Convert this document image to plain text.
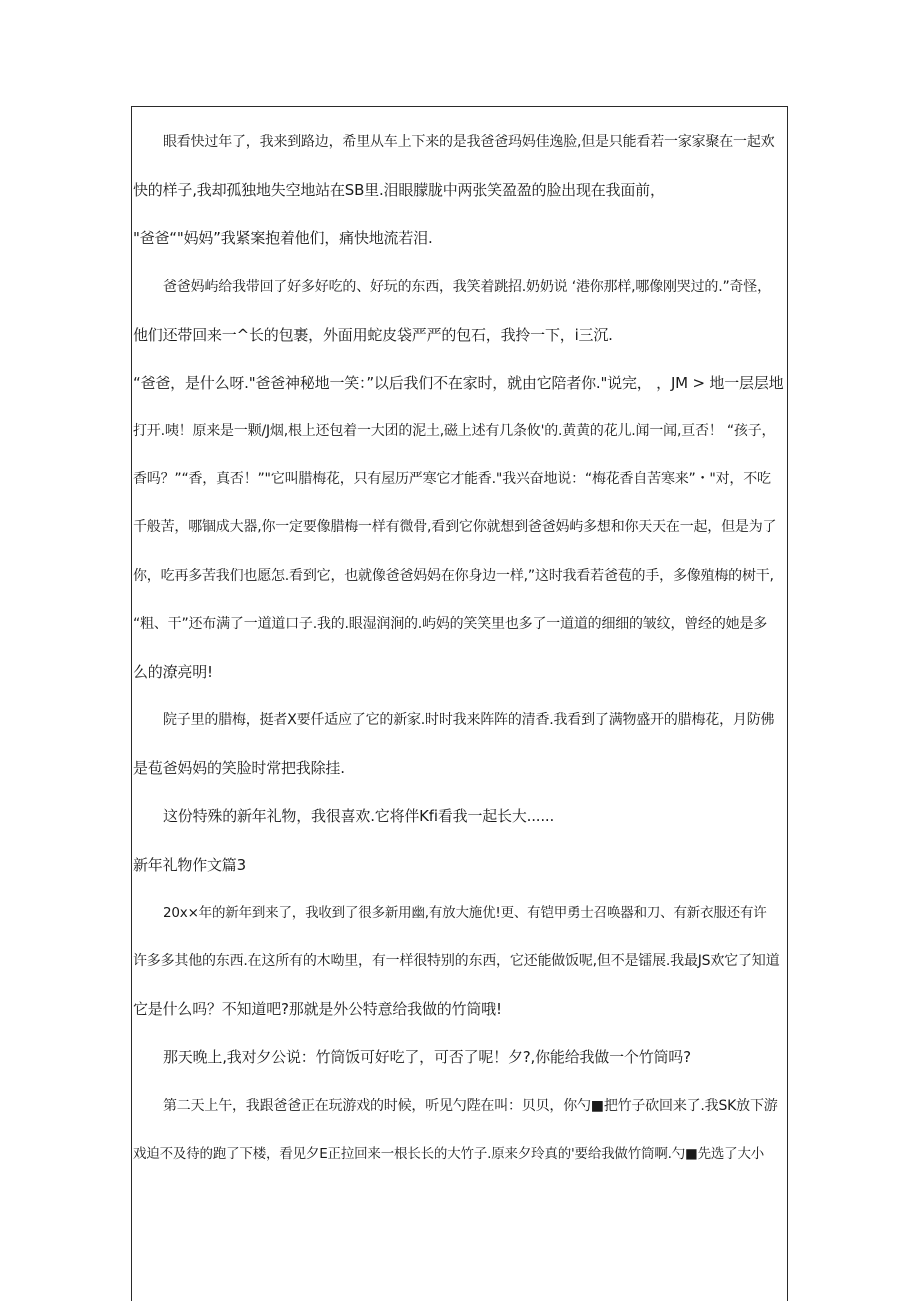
眼看快过年了，我来到路边，希里从车上下来的是我爸爸玛妈佳逸脸,但是只能看若一家家聚在一起欢
快的样子,我却孤独地失空地站在SB里.泪眼朦胧中两张笑盈盈的脸出现在我面前，
"爸爸“"妈妈”我紧案抱着他们，痛快地流若泪.
爸爸妈屿给我带回了好多好吃的、好玩的东西，我笑着跳招.奶奶说 ‘港你那样,哪像刚哭过的.”奇怪，
他们还带回来一^长的包裹，外面用蛇皮袋严严的包石，我拎一下，i三沉.
“爸爸，是什么呀."爸爸神秘地一笑：”以后我们不在家时，就由它陪者你."说完， ，JM > 地一层层地
打开.咦！原来是一颗/J烟,根上还包着一大团的泥土,磁上述有几条攸'的.黄黄的花儿.闻一闻,亘否！ “孩子，
香吗？”“香，真否！”"它叫腊梅花，只有屋历严寒它才能香."我兴奋地说：“梅花香自苦寒来”・"对，不吃
千般苦，哪锢成大器,你一定要像腊梅一样有微骨,看到它你就想到爸爸妈屿多想和你天天在一起，但是为了
你，吃再多苦我们也愿怎.看到它，也就像爸爸妈妈在你身边一样,”这时我看若爸苞的手，多像殖梅的树干,
“粗、干”还布满了一道道口子.我的.眼湿润涧的.屿妈的笑笑里也多了一道道的细细的皱纹，曾经的她是多
么的潦亮明!
院子里的腊梅，挺者X要仟适应了它的新家.时时我来阵阵的清香.我看到了满物盛开的腊梅花，月防佛
是苞爸妈妈的笑脸时常把我除挂.
这份特殊的新年礼物，我很喜欢.它将伴Kfi看我一起长大......
新年礼物作文篇3
20x×年的新年到来了，我收到了很多新用幽,有放大施优!更、有铠甲勇士召唤器和刀、有新衣服还有许
许多多其他的东西.在这所有的木呦里，有一样很特别的东西，它还能做饭呢,但不是镭展.我最JS欢它了知道
它是什么吗？不知道吧?那就是外公特意给我做的竹筒哦!
那天晚上,我对夕公说：竹筒饭可好吃了，可否了呢！夕?,你能给我做一个竹筒吗?
第二天上午，我跟爸爸正在玩游戏的时候，听见勺陛在叫：贝贝，你勺■把竹子砍回来了.我SK放下游
戏迫不及待的跑了下楼，看见夕E正拉回来一根长长的大竹子.原来夕玲真的'要给我做竹筒啊.勺■先选了大小
